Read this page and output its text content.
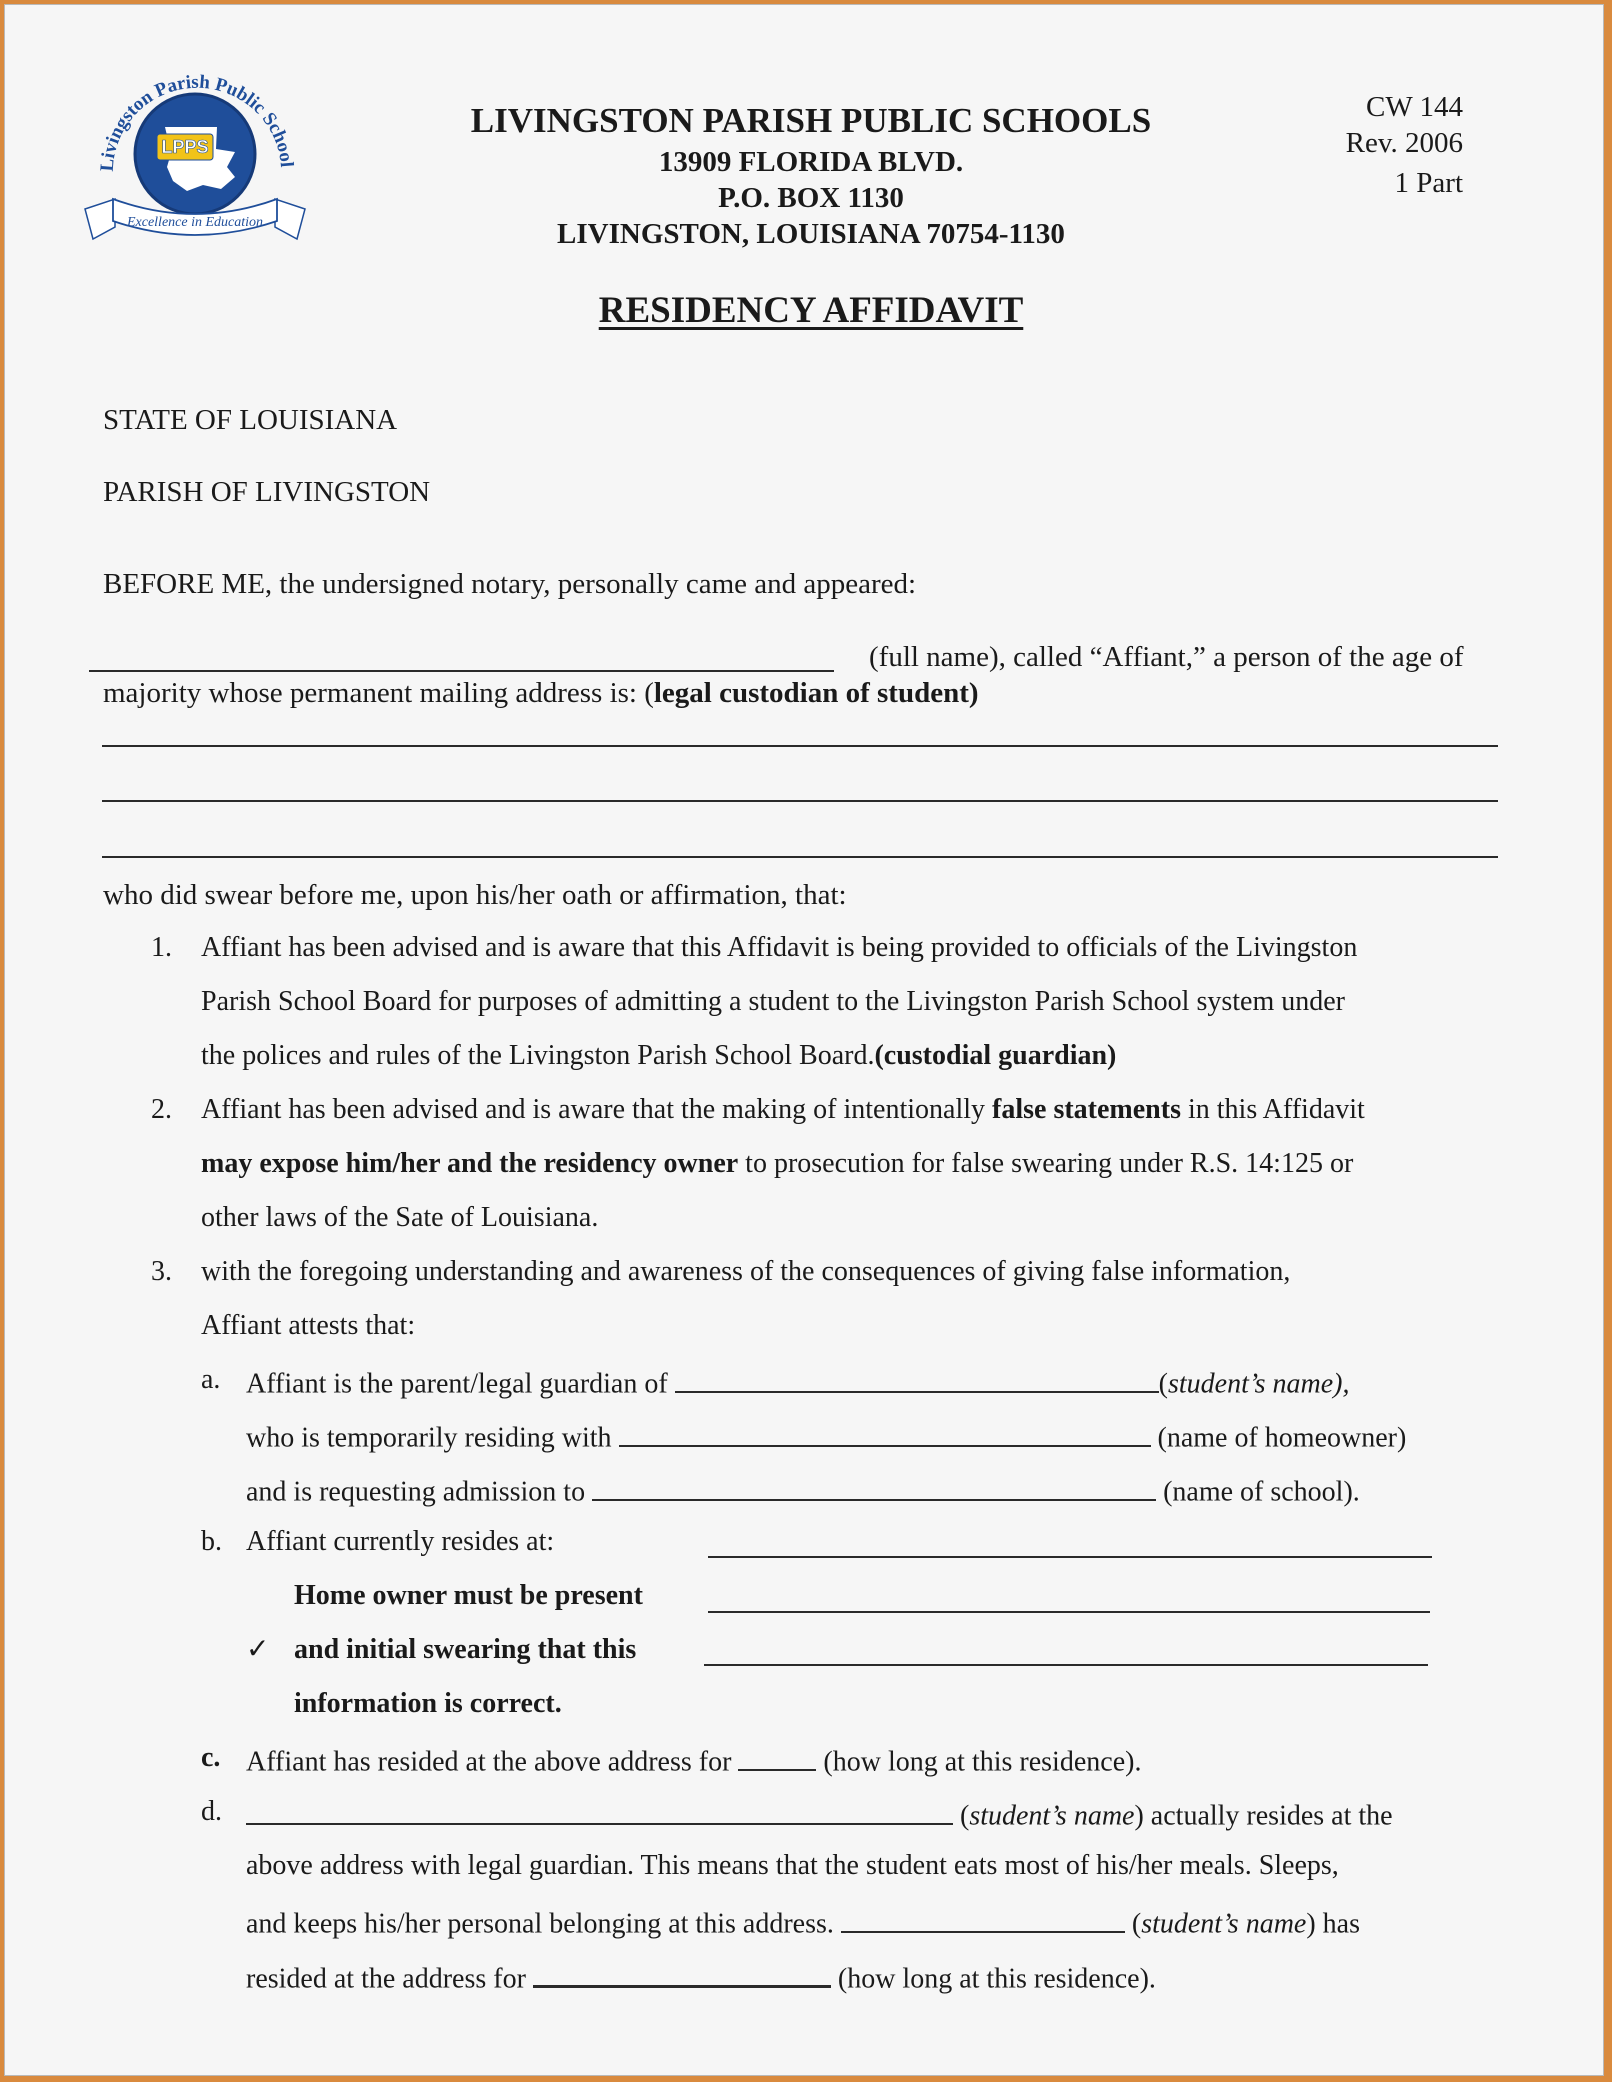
LPPS
Livingston Parish Public School
Excellence in Education
LIVINGSTON PARISH PUBLIC SCHOOLS
13909 FLORIDA BLVD.
P.O. BOX 1130
LIVINGSTON, LOUISIANA 70754-1130
CW 144
Rev. 2006
1 Part
RESIDENCY AFFIDAVIT
STATE OF LOUISIANA
PARISH OF LIVINGSTON
BEFORE ME, the undersigned notary, personally came and appeared:
(full name), called “Affiant,” a person of the age of
majority whose permanent mailing address is: (legal custodian of student)
who did swear before me, upon his/her oath or affirmation, that:
1.	Affiant has been advised and is aware that this Affidavit is being provided to officials of the Livingston
Parish School Board for purposes of admitting a student to the Livingston Parish School system under
the polices and rules of the Livingston Parish School Board.(custodial guardian)
2.	Affiant has been advised and is aware that the making of intentionally false statements in this Affidavit
may expose him/her and the residency owner to prosecution for false swearing under R.S. 14:125 or
other laws of the Sate of Louisiana.
3.	with the foregoing understanding and awareness of the consequences of giving false information,
Affiant attests that:
a. Affiant is the parent/legal guardian of	(student’s name),
who is temporarily residing with	(name of homeowner)
and is requesting admission to	(name of school).
b. Affiant currently resides at:
Home owner must be present
✓ and initial swearing that this
information is correct.
c. Affiant has resided at the above address for	(how long at this residence).
d.	(student’s name) actually resides at the
above address with legal guardian. This means that the student eats most of his/her meals. Sleeps,
and keeps his/her personal belonging at this address.	(student’s name) has
resided at the address for	(how long at this residence).
